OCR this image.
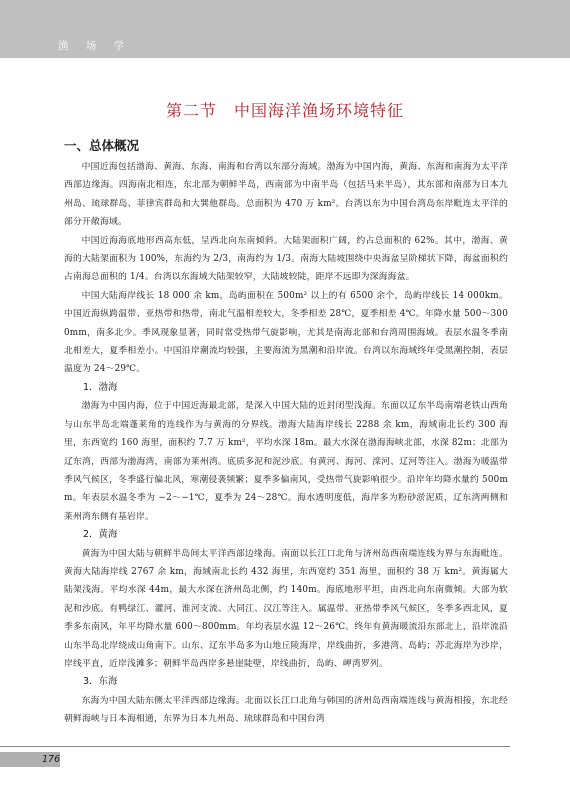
渔 场 学
第二节　中国海洋渔场环境特征
一、总体概况

中国近海包括渤海、黄海、东海、南海和台湾以东部分海域。渤海为中国内海，黄海、东海和南海为太平洋西部边缘海。四海南北相连，东北部为朝鲜半岛，西南部为中南半岛（包括马来半岛），其东部和南部为日本九州岛、琉球群岛、菲律宾群岛和大巽他群岛。总面积为 470 万 km²。台湾以东为中国台湾岛东岸毗连太平洋的部分开敞海域。

中国近海海底地形西高东低，呈西北向东南倾斜。大陆架面积广阔，约占总面积的 62%。其中，渤海、黄海的大陆架面积为 100%，东海约为 2/3，南海约为 1/3。南海大陆坡围绕中央海盆呈阶梯状下降，海盆面积约占南海总面积的 1/4。台湾以东海域大陆架较窄，大陆坡较陡，距岸不远即为深海海盆。

中国大陆海岸线长 18 000 余 km，岛屿面积在 500m² 以上的有 6500 余个，岛屿岸线长 14 000km。中国近海纵跨温带、亚热带和热带，南北气温相差较大，冬季相差 28℃，夏季相差 4℃。年降水量 500～3000mm，南多北少。季风现象显著，同时常受热带气旋影响，尤其是南海北部和台湾周围海域。表层水温冬季南北相差大，夏季相差小。中国沿岸潮流均较强，主要海流为黑潮和沿岸流。台湾以东海域终年受黑潮控制，表层温度为 24～29℃。

1．渤海

渤海为中国内海，位于中国近海最北部，是深入中国大陆的近封闭型浅海。东面以辽东半岛南端老铁山西角与山东半岛北端蓬莱角的连线作为与黄海的分界线。渤海大陆海岸线长 2288 余 km，海域南北长约 300 海里，东西宽约 160 海里，面积约 7.7 万 km²，平均水深 18m。最大水深在渤海海峡北部，水深 82m；北部为辽东湾，西部为渤海湾，南部为莱州湾。底质多泥和泥沙底。有黄河、海河、滦河、辽河等注入。渤海为暖温带季风气候区，冬季盛行偏北风，寒潮侵袭频繁；夏季多偏南风，受热带气旋影响很少。沿岸年均降水量约 500mm。年表层水温冬季为 −2～−1℃，夏季为 24～28℃。海水透明度低，海岸多为粉砂淤泥质，辽东湾两侧和莱州湾东侧有基岩岸。

2．黄海

黄海为中国大陆与朝鲜半岛间太平洋西部边缘海。南面以长江口北角与济州岛西南端连线为界与东海毗连。黄海大陆海岸线 2767 余 km，海域南北长约 432 海里，东西宽约 351 海里，面积约 38 万 km²。黄海属大陆架浅海。平均水深 44m，最大水深在济州岛北侧，约 140m。海底地形平坦，由西北向东南微倾。大部为软泥和沙底。有鸭绿江、灌河、淮河支流、大同江、汉江等注入。属温带、亚热带季风气候区，冬季多西北风，夏季多东南风，年平均降水量 600～800mm。年均表层水温 12～26℃。终年有黄海暖流沿东部北上，沿岸流沿山东半岛北岸绕成山角南下。山东、辽东半岛多为山地丘陵海岸，岸线曲折，多港湾、岛屿；苏北海岸为沙岸，岸线平直，近岸浅滩多；朝鲜半岛西岸多悬崖陡壁，岸线曲折，岛屿、岬湾罗列。

3．东海

东海为中国大陆东侧太平洋西部边缘海。北面以长江口北角与韩国的济州岛西南端连线与黄海相接，东北经朝鲜海峡与日本海相通，东界为日本九州岛、琉球群岛和中国台湾

176
